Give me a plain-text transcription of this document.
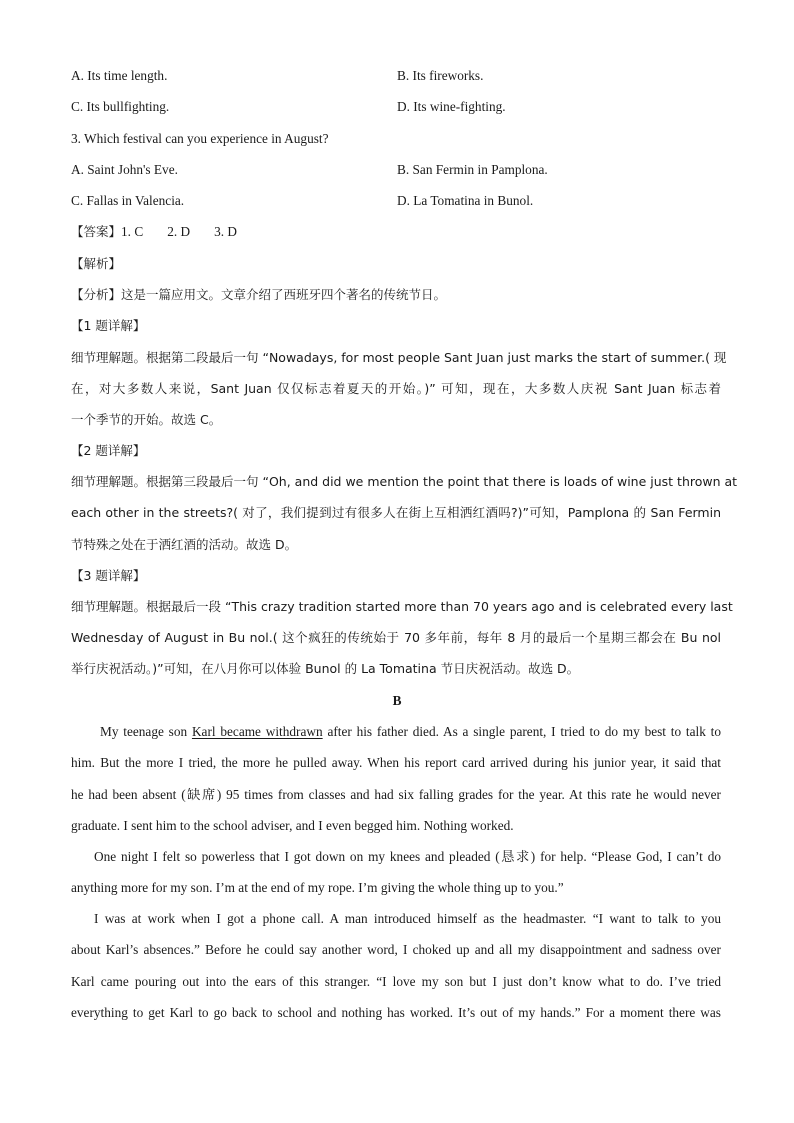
A. Its time length.	B. Its fireworks.
C. Its bullfighting.	D. Its wine-fighting.
3. Which festival can you experience in August?
A. Saint John's Eve.	B. San Fermin in Pamplona.
C. Fallas in Valencia.	D. La Tomatina in Bunol.
【答案】1. C 2. D 3. D
【解析】
【分析】这是一篇应用文。文章介绍了西班牙四个著名的传统节日。
【1 题详解】
细节理解题。根据第二段最后一句 “Nowadays, for most people Sant Juan just marks the start of summer.( 现
在，对大多数人来说，Sant Juan 仅仅标志着夏天的开始。)” 可知，现在，大多数人庆祝 Sant Juan 标志着
一个季节的开始。故选 C。
【2 题详解】
细节理解题。根据第三段最后一句 “Oh, and did we mention the point that there is loads of wine just thrown at
each other in the streets?( 对了，我们提到过有很多人在街上互相洒红酒吗?)”可知，Pamplona 的 San Fermin
节特殊之处在于洒红酒的活动。故选 D。
【3 题详解】
细节理解题。根据最后一段 “This crazy tradition started more than 70 years ago and is celebrated every last
Wednesday of August in Bu nol.( 这个疯狂的传统始于 70 多年前，每年 8 月的最后一个星期三都会在 Bu nol
举行庆祝活动。)”可知，在八月你可以体验 Bunol 的 La Tomatina 节日庆祝活动。故选 D。
B
My teenage son Karl became withdrawn after his father died. As a single parent, I tried to do my best to talk to
him. But the more I tried, the more he pulled away. When his report card arrived during his junior year, it said that
he had been absent (缺席) 95 times from classes and had six falling grades for the year. At this rate he would never
graduate. I sent him to the school adviser, and I even begged him. Nothing worked.
One night I felt so powerless that I got down on my knees and pleaded (恳求) for help. “Please God, I can’t do
anything more for my son. I’m at the end of my rope. I’m giving the whole thing up to you.”
I was at work when I got a phone call. A man introduced himself as the headmaster. “I want to talk to you
about Karl’s absences.” Before he could say another word, I choked up and all my disappointment and sadness over
Karl came pouring out into the ears of this stranger. “I love my son but I just don’t know what to do. I’ve tried
everything to get Karl to go back to school and nothing has worked. It’s out of my hands.” For a moment there was
